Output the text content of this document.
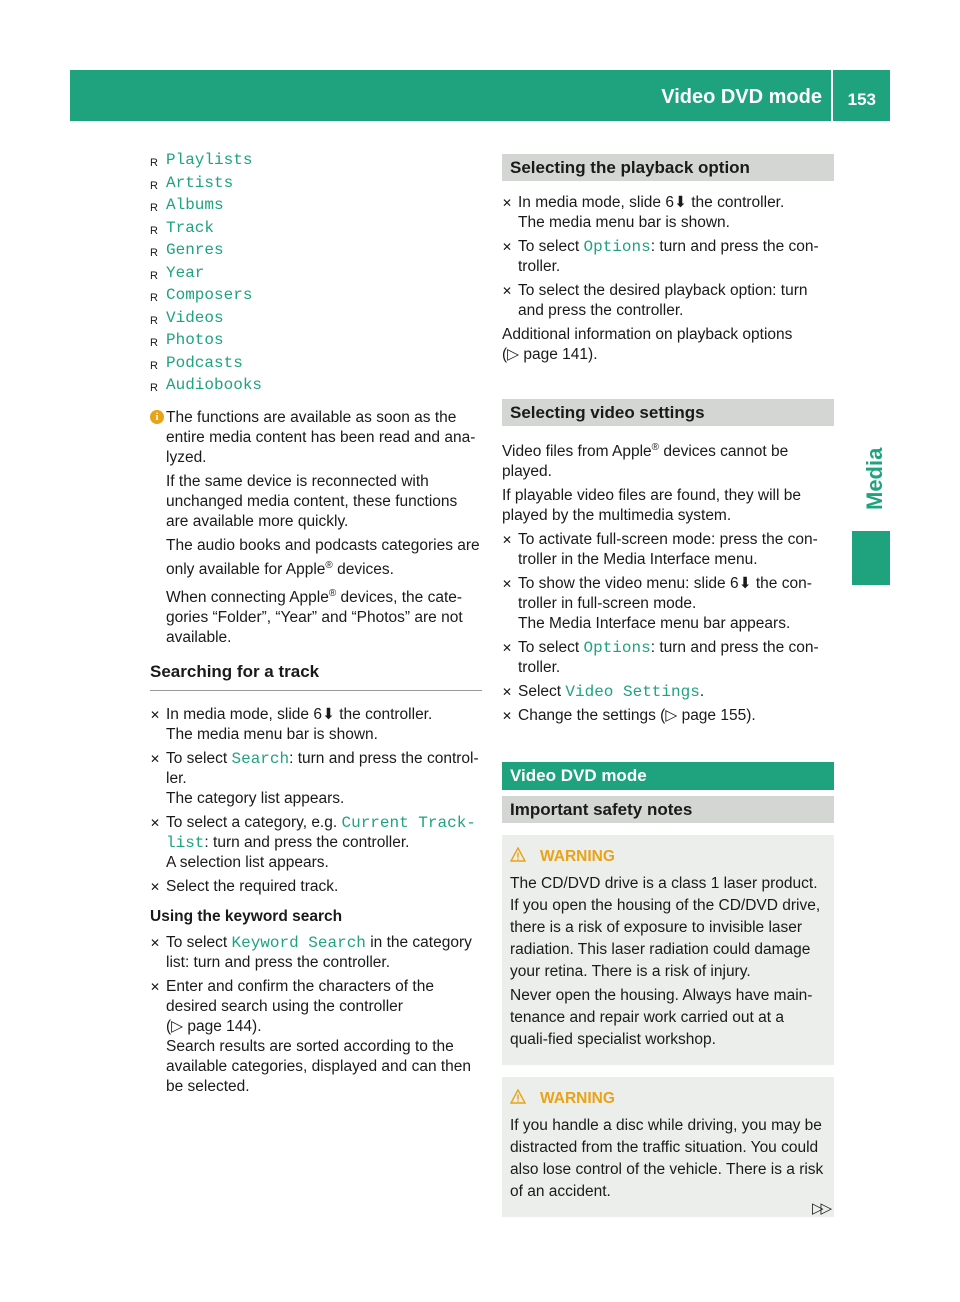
Video DVD mode 153
Media
R Playlists
R Artists
R Albums
R Track
R Genres
R Year
R Composers
R Videos
R Photos
R Podcasts
R Audiobooks
i The functions are available as soon as the entire media content has been read and ana-lyzed.

If the same device is reconnected with unchanged media content, these functions are available more quickly.

The audio books and podcasts categories are only available for Apple® devices.

When connecting Apple® devices, the cate-gories “Folder”, “Year” and “Photos” are not available.

Searching for a track
✕ In media mode, slide 6⬇ the controller.
The media menu bar is shown.
✕ To select Search: turn and press the control-ler.
The category list appears.
✕ To select a category, e.g. Current Track‐list: turn and press the controller.
A selection list appears.
✕ Select the required track.
Using the keyword search
✕ To select Keyword Search in the category list: turn and press the controller.
✕ Enter and confirm the characters of the desired search using the controller
(▷ page 144).
Search results are sorted according to the available categories, displayed and can then be selected.
Selecting the playback option
✕ In media mode, slide 6⬇ the controller.
The media menu bar is shown.
✕ To select Options: turn and press the con-troller.
✕ To select the desired playback option: turn and press the controller.

Additional information on playback options
(▷ page 141).

Selecting video settings

Video files from Apple® devices cannot be played.

If playable video files are found, they will be played by the multimedia system.

✕ To activate full-screen mode: press the con-troller in the Media Interface menu.
✕ To show the video menu: slide 6⬇ the con-troller in full-screen mode.
The Media Interface menu bar appears.
✕ To select Options: turn and press the con-troller.
✕ Select Video Settings.
✕ Change the settings (▷ page 155).
Video DVD mode
Important safety notes
WARNING

The CD/DVD drive is a class 1 laser product. If you open the housing of the CD/DVD drive, there is a risk of exposure to invisible laser radiation. This laser radiation could damage your retina. There is a risk of injury.

Never open the housing. Always have main-tenance and repair work carried out at a quali-fied specialist workshop.

WARNING

If you handle a disc while driving, you may be distracted from the traffic situation. You could also lose control of the vehicle. There is a risk of an accident.

▷▷
